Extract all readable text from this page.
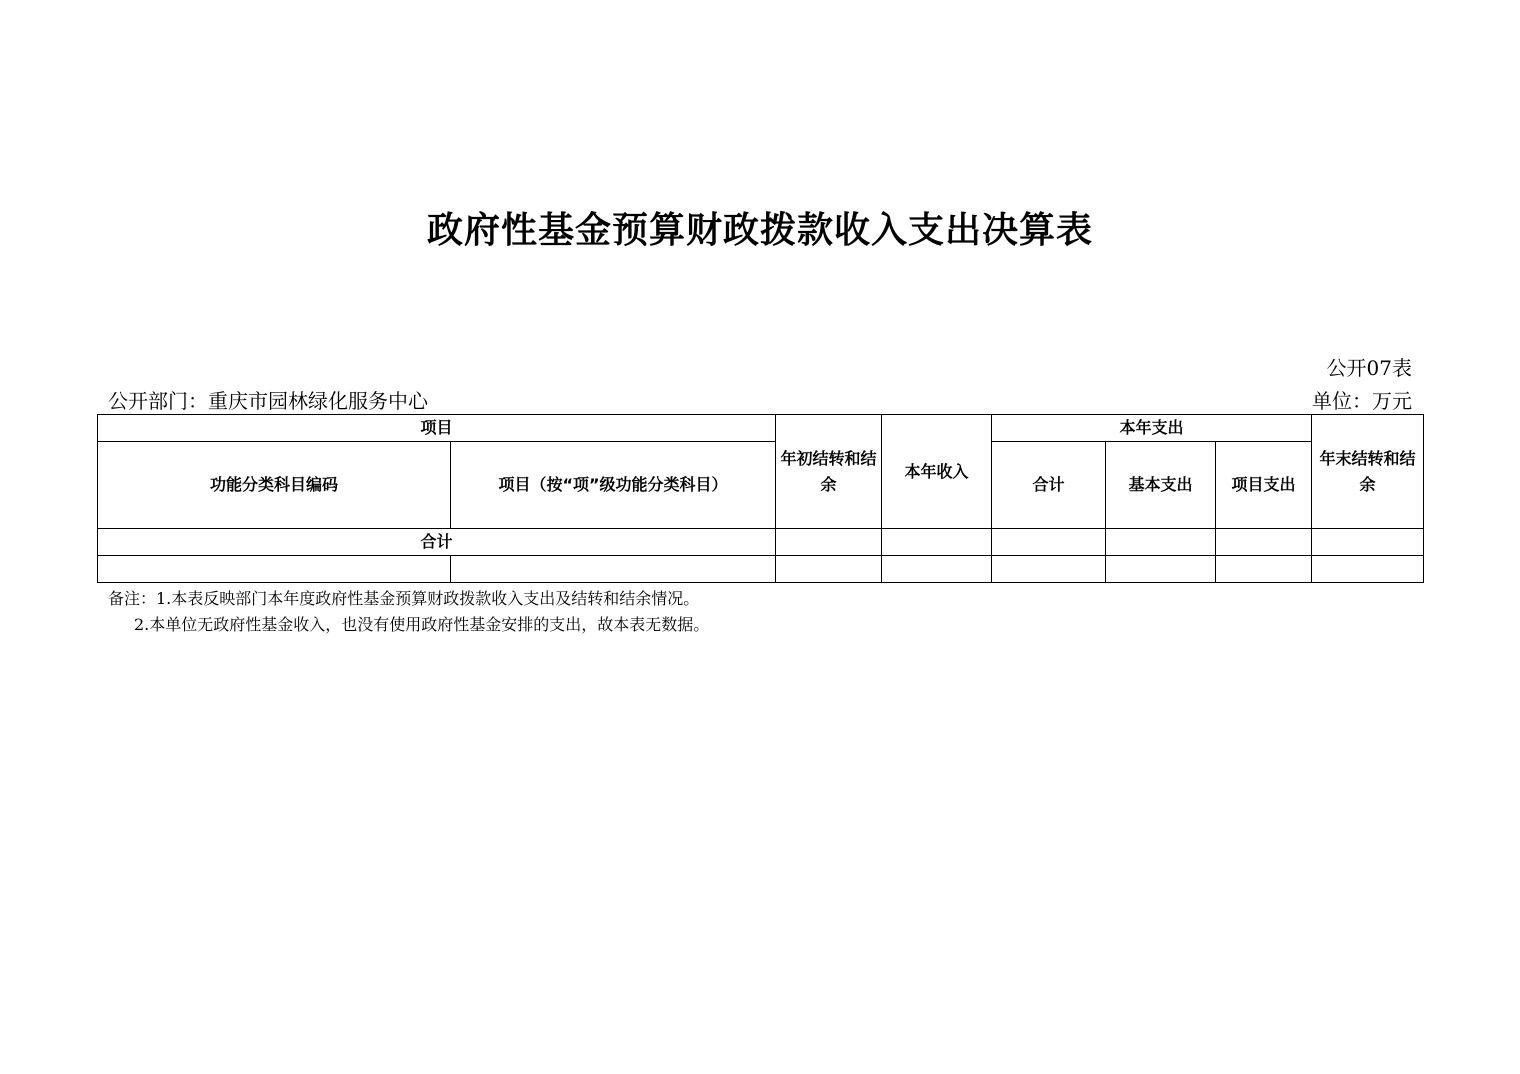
政府性基金预算财政拨款收入支出决算表
公开07表
公开部门：重庆市园林绿化服务中心	单位：万元
项目		年初结转和结余	本年收入	本年支出			年末结转和结余
功能分类科目编码	项目（按“项”级功能分类科目）			合计	基本支出	项目支出	
合计							

备注：1.本表反映部门本年度政府性基金预算财政拨款收入支出及结转和结余情况。
2.本单位无政府性基金收入，也没有使用政府性基金安排的支出，故本表无数据。
